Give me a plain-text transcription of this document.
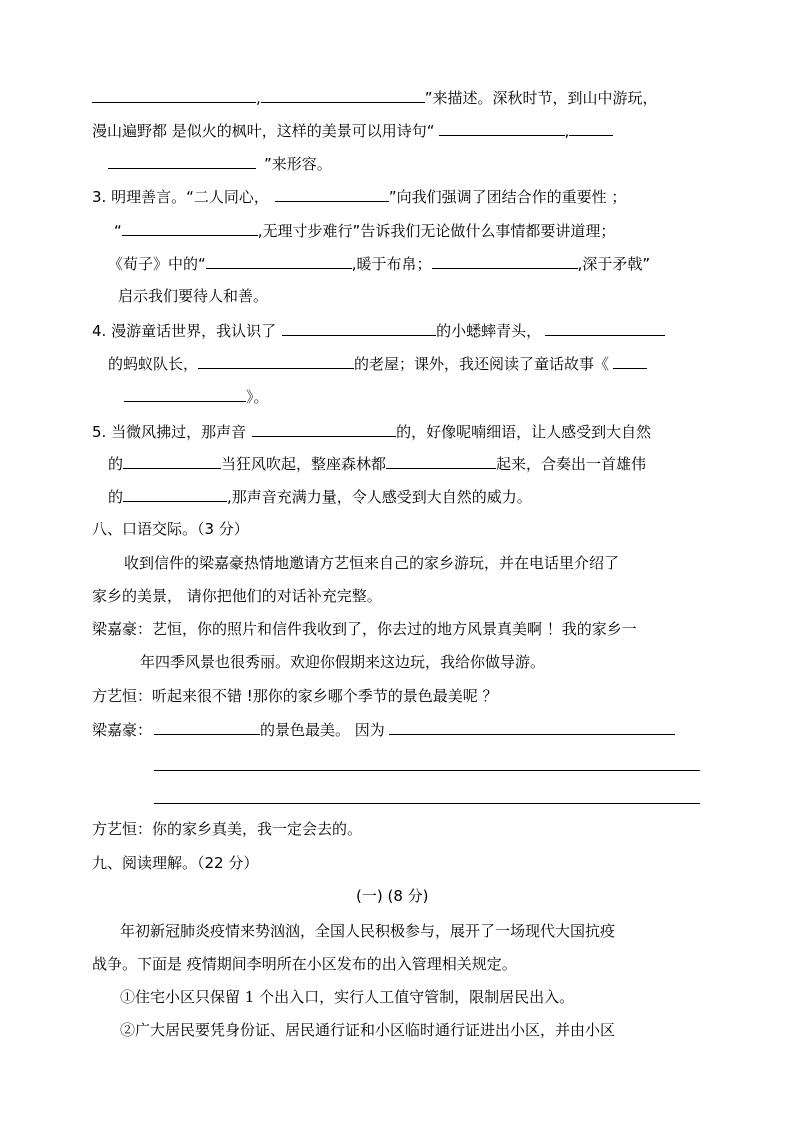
,	”来描述。深秋时节，到山中游玩，
漫山遍野都 是似火的枫叶，这样的美景可以用诗句“	,
”来形容。
3. 明理善言。“二人同心，	”向我们强调了团结合作的重要性 ；
“	,无理寸步难行”告诉我们无论做什么事情都要讲道理；
《荀子》中的“	,暖于布帛；	,深于矛戟”
启示我们要待人和善。
4. 漫游童话世界，我认识了	的小蟋蟀青头，
的蚂蚁队长，	的老屋；课外，我还阅读了童话故事《
》。
5. 当微风拂过，那声音	的，好像呢喃细语，让人感受到大自然
的	当狂风吹起，整座森林都	起来，合奏出一首雄伟
的	,那声音充满力量，令人感受到大自然的威力。
八、口语交际。（3 分）
收到信件的梁嘉豪热情地邀请方艺恒来自己的家乡游玩，并在电话里介绍了
家乡的美景， 请你把他们的对话补充完整。
梁嘉豪：艺恒，你的照片和信件我收到了，你去过的地方风景真美啊 ！我的家乡一
年四季风景也很秀丽。欢迎你假期来这边玩，我给你做导游。
方艺恒：听起来很不错 !那你的家乡哪个季节的景色最美呢 ？
梁嘉豪：	的景色最美。 因为
方艺恒：你的家乡真美，我一定会去的。
九、阅读理解。（22 分）
(一) (8 分)
年初新冠肺炎疫情来势汹汹，全国人民积极参与，展开了一场现代大国抗疫
战争。下面是 疫情期间李明所在小区发布的出入管理相关规定。
①住宅小区只保留 1 个出入口，实行人工值守管制，限制居民出入。
②广大居民要凭身份证、居民通行证和小区临时通行证进出小区，并由小区
